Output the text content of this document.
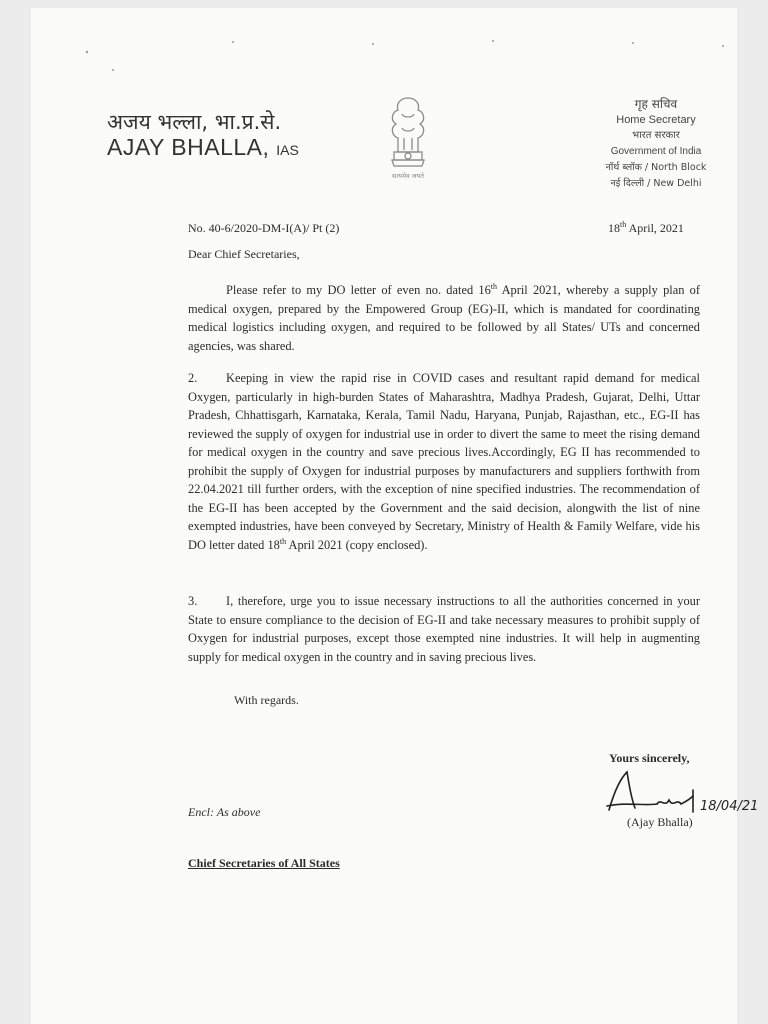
अजय भल्ला, भा.प्र.से.
AJAY BHALLA, IAS
सत्यमेव जयते
गृह सचिव
Home Secretary
भारत सरकार
Government of India
नॉर्थ ब्लॉक / North Block
नई दिल्ली / New Delhi
No. 40-6/2020-DM-I(A)/ Pt (2)	18th April, 2021
Dear Chief Secretaries,
Please refer to my DO letter of even no. dated 16th April 2021, whereby a supply plan of medical oxygen, prepared by the Empowered Group (EG)-II, which is mandated for coordinating medical logistics including oxygen, and required to be followed by all States/ UTs and concerned agencies, was shared.
2. Keeping in view the rapid rise in COVID cases and resultant rapid demand for medical Oxygen, particularly in high-burden States of Maharashtra, Madhya Pradesh, Gujarat, Delhi, Uttar Pradesh, Chhattisgarh, Karnataka, Kerala, Tamil Nadu, Haryana, Punjab, Rajasthan, etc., EG-II has reviewed the supply of oxygen for industrial use in order to divert the same to meet the rising demand for medical oxygen in the country and save precious lives.Accordingly, EG II has recommended to prohibit the supply of Oxygen for industrial purposes by manufacturers and suppliers forthwith from 22.04.2021 till further orders, with the exception of nine specified industries. The recommendation of the EG-II has been accepted by the Government and the said decision, alongwith the list of nine exempted industries, have been conveyed by Secretary, Ministry of Health & Family Welfare, vide his DO letter dated 18th April 2021 (copy enclosed).
3. I, therefore, urge you to issue necessary instructions to all the authorities concerned in your State to ensure compliance to the decision of EG-II and take necessary measures to prohibit supply of Oxygen for industrial purposes, except those exempted nine industries. It will help in augmenting supply for medical oxygen in the country and in saving precious lives.
With regards.
Yours sincerely,
18/04/21
(Ajay Bhalla)
Encl: As above
Chief Secretaries of All States
